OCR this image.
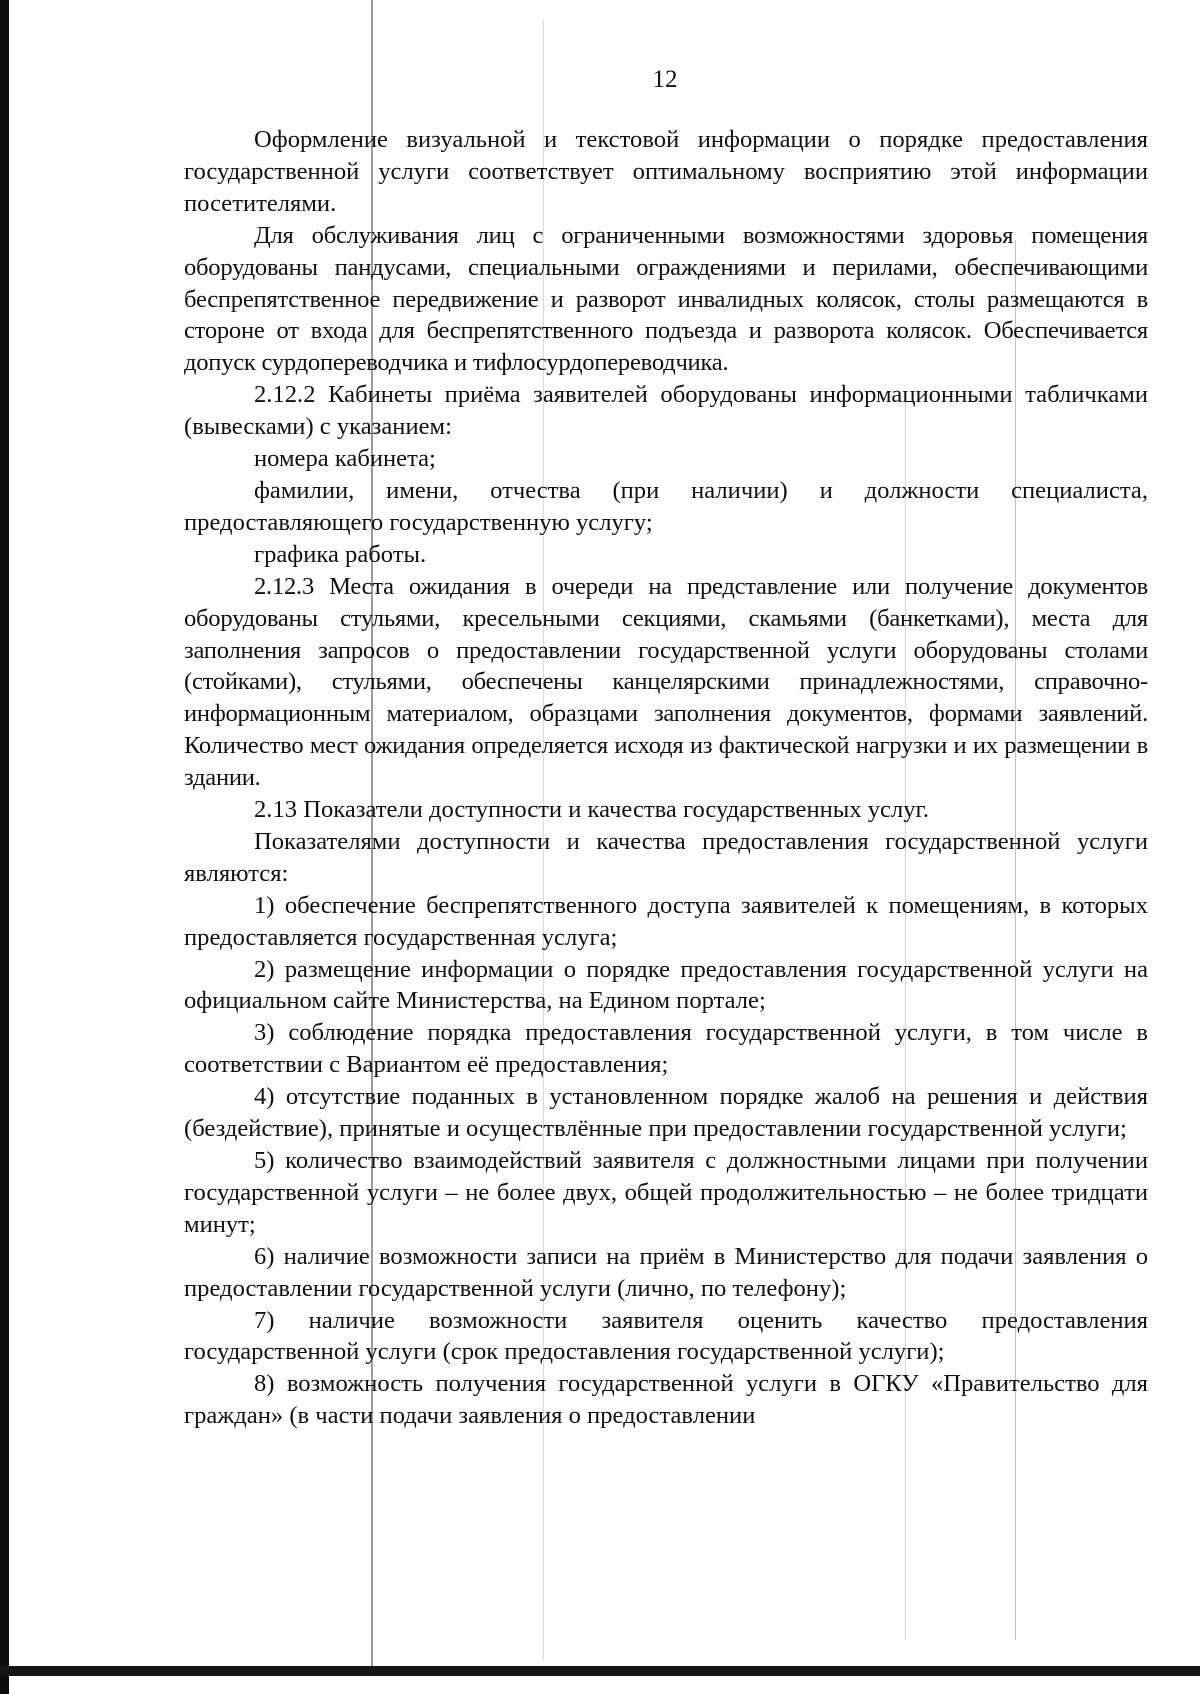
12

Оформление визуальной и текстовой информации о порядке предоставления государственной услуги соответствует оптимальному восприятию этой информации посетителями.

Для обслуживания лиц с ограниченными возможностями здоровья помещения оборудованы пандусами, специальными ограждениями и перилами, обеспечивающими беспрепятственное передвижение и разворот инвалидных колясок, столы размещаются в стороне от входа для беспрепятственного подъезда и разворота колясок. Обеспечивается допуск сурдопереводчика и тифлосурдопереводчика.

2.12.2 Кабинеты приёма заявителей оборудованы информационными табличками (вывесками) с указанием:

номера кабинета;

фамилии, имени, отчества (при наличии) и должности специалиста, предоставляющего государственную услугу;

графика работы.

2.12.3 Места ожидания в очереди на представление или получение документов оборудованы стульями, кресельными секциями, скамьями (банкетками), места для заполнения запросов о предоставлении государственной услуги оборудованы столами (стойками), стульями, обеспечены канцелярскими принадлежностями, справочно-информационным материалом, образцами заполнения документов, формами заявлений. Количество мест ожидания определяется исходя из фактической нагрузки и их размещении в здании.

2.13 Показатели доступности и качества государственных услуг.

Показателями доступности и качества предоставления государственной услуги являются:

1) обеспечение беспрепятственного доступа заявителей к помещениям, в которых предоставляется государственная услуга;

2) размещение информации о порядке предоставления государственной услуги на официальном сайте Министерства, на Едином портале;

3) соблюдение порядка предоставления государственной услуги, в том числе в соответствии с Вариантом её предоставления;

4) отсутствие поданных в установленном порядке жалоб на решения и действия (бездействие), принятые и осуществлённые при предоставлении государственной услуги;

5) количество взаимодействий заявителя с должностными лицами при получении государственной услуги – не более двух, общей продолжительностью – не более тридцати минут;

6) наличие возможности записи на приём в Министерство для подачи заявления о предоставлении государственной услуги (лично, по телефону);

7) наличие возможности заявителя оценить качество предоставления государственной услуги (срок предоставления государственной услуги);

8) возможность получения государственной услуги в ОГКУ «Правительство для граждан» (в части подачи заявления о предоставлении
